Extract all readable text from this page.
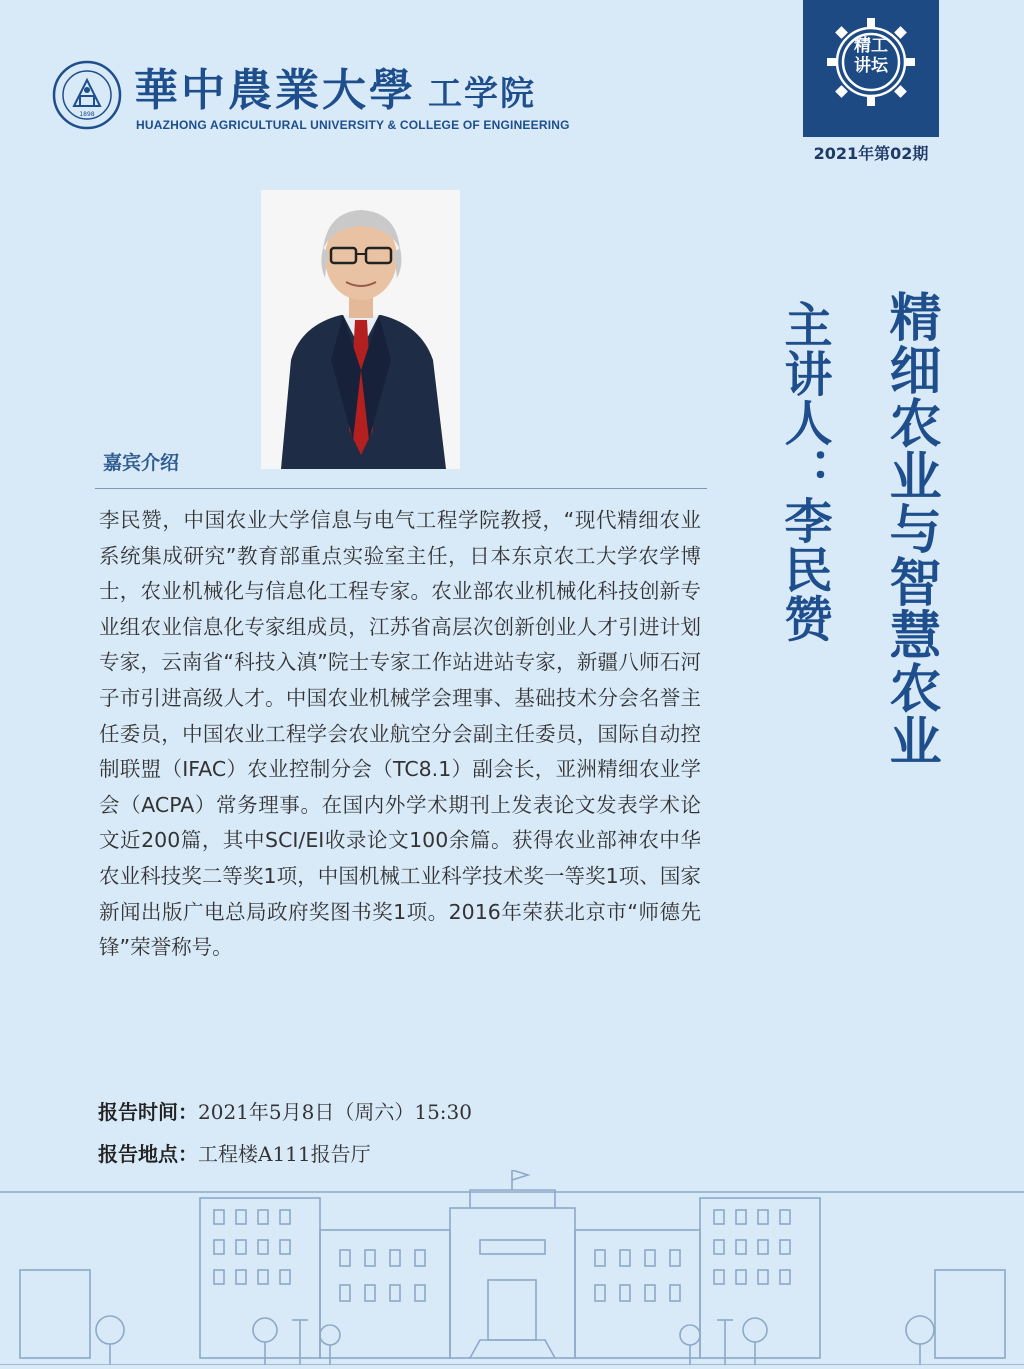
1898 華中農業大學 工学院
HUAZHONG AGRICULTURAL UNIVERSITY & COLLEGE OF ENGINEERING
精工
讲坛
2021年第02期
嘉宾介绍
李民赞，中国农业大学信息与电气工程学院教授，“现代精细农业系统集成研究”教育部重点实验室主任，日本东京农工大学农学博士，农业机械化与信息化工程专家。农业部农业机械化科技创新专业组农业信息化专家组成员，江苏省高层次创新创业人才引进计划专家，云南省“科技入滇”院士专家工作站进站专家，新疆八师石河子市引进高级人才。中国农业机械学会理事、基础技术分会名誉主任委员，中国农业工程学会农业航空分会副主任委员，国际自动控制联盟（IFAC）农业控制分会（TC8.1）副会长，亚洲精细农业学会（ACPA）常务理事。在国内外学术期刊上发表论文发表学术论文近200篇，其中SCI/EI收录论文100余篇。获得农业部神农中华农业科技奖二等奖1项，中国机械工业科学技术奖一等奖1项、国家新闻出版广电总局政府奖图书奖1项。2016年荣获北京市“师德先锋”荣誉称号。
精细农业与智慧农业
主讲人：李民赞
报告时间：2021年5月8日（周六）15:30
报告地点：工程楼A111报告厅
